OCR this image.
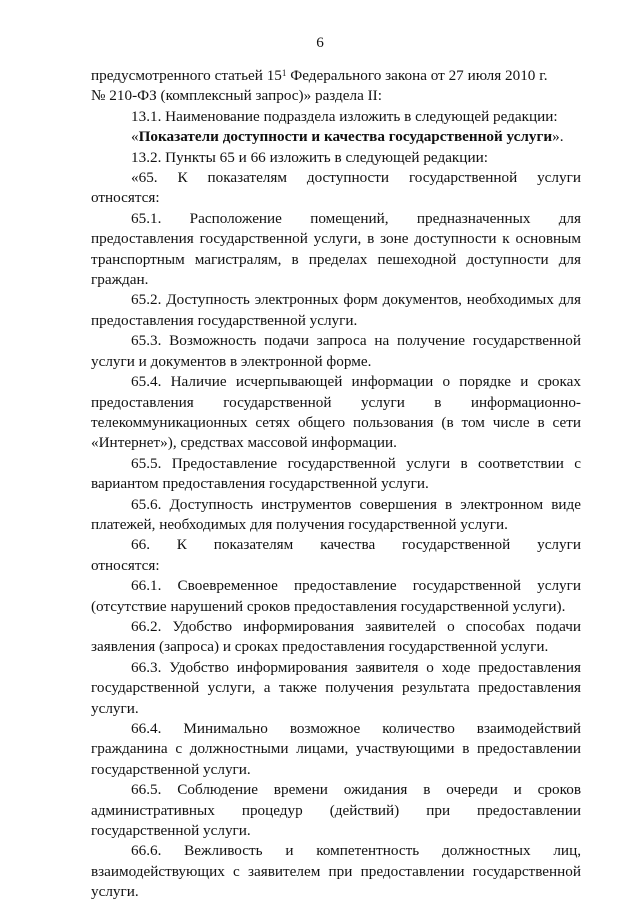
6

предусмотренного статьей $15^1$ Федерального закона от 27 июля 2010 г.

№ 210-ФЗ (комплексный запрос)» раздела II:

13.1. Наименование подраздела изложить в следующей редакции:

«Показатели доступности и качества государственной услуги».

13.2. Пункты 65 и 66 изложить в следующей редакции:

«65. К показателям доступности государственной услуги

относятся:

65.1. Расположение помещений, предназначенных для предоставления государственной услуги, в зоне доступности к основным транспортным магистралям, в пределах пешеходной доступности для граждан.

65.2. Доступность электронных форм документов, необходимых для предоставления государственной услуги.

65.3. Возможность подачи запроса на получение государственной услуги и документов в электронной форме.

65.4. Наличие исчерпывающей информации о порядке и сроках предоставления государственной услуги в информационно-телекоммуникационных сетях общего пользования (в том числе в сети «Интернет»), средствах массовой информации.

65.5. Предоставление государственной услуги в соответствии с вариантом предоставления государственной услуги.

65.6. Доступность инструментов совершения в электронном виде платежей, необходимых для получения государственной услуги.

66. К показателям качества государственной услуги

относятся:

66.1. Своевременное предоставление государственной услуги (отсутствие нарушений сроков предоставления государственной услуги).

66.2. Удобство информирования заявителей о способах подачи заявления (запроса) и сроках предоставления государственной услуги.

66.3. Удобство информирования заявителя о ходе предоставления государственной услуги, а также получения результата предоставления услуги.

66.4. Минимально возможное количество взаимодействий гражданина с должностными лицами, участвующими в предоставлении государственной услуги.

66.5. Соблюдение времени ожидания в очереди и сроков административных процедур (действий) при предоставлении государственной услуги.

66.6. Вежливость и компетентность должностных лиц, взаимодействующих с заявителем при предоставлении государственной услуги.
